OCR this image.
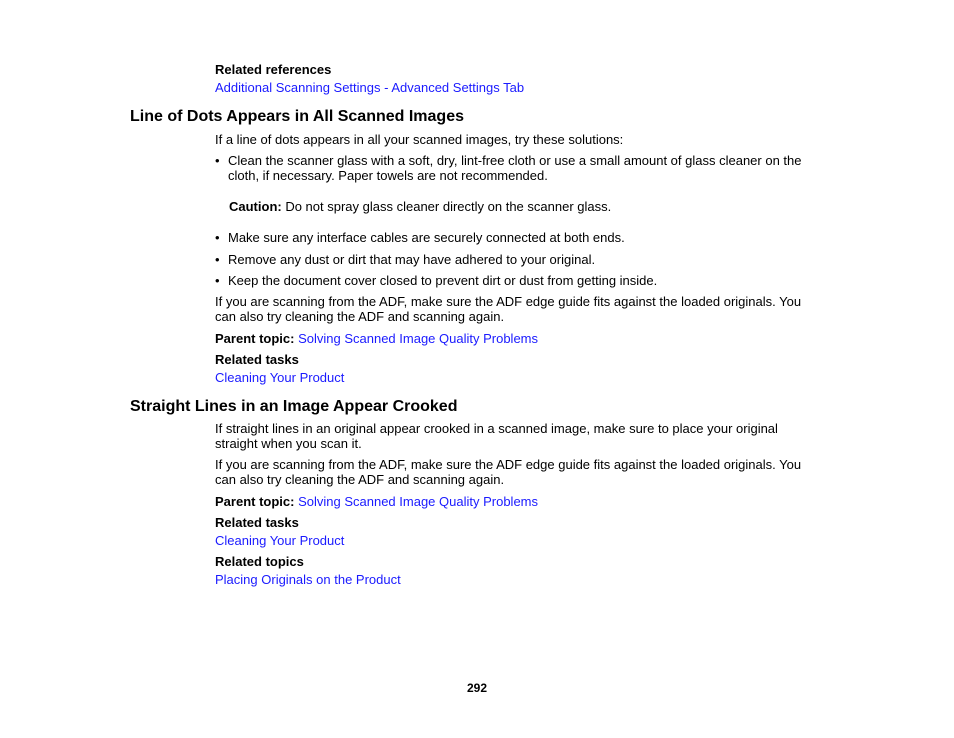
Related references
Additional Scanning Settings - Advanced Settings Tab
Line of Dots Appears in All Scanned Images
If a line of dots appears in all your scanned images, try these solutions:
• Clean the scanner glass with a soft, dry, lint-free cloth or use a small amount of glass cleaner on the cloth, if necessary. Paper towels are not recommended.
Caution: Do not spray glass cleaner directly on the scanner glass.
• Make sure any interface cables are securely connected at both ends.
• Remove any dust or dirt that may have adhered to your original.
• Keep the document cover closed to prevent dirt or dust from getting inside.
If you are scanning from the ADF, make sure the ADF edge guide fits against the loaded originals. You can also try cleaning the ADF and scanning again.
Parent topic: Solving Scanned Image Quality Problems
Related tasks
Cleaning Your Product
Straight Lines in an Image Appear Crooked
If straight lines in an original appear crooked in a scanned image, make sure to place your original straight when you scan it.
If you are scanning from the ADF, make sure the ADF edge guide fits against the loaded originals. You can also try cleaning the ADF and scanning again.
Parent topic: Solving Scanned Image Quality Problems
Related tasks
Cleaning Your Product
Related topics
Placing Originals on the Product
292
